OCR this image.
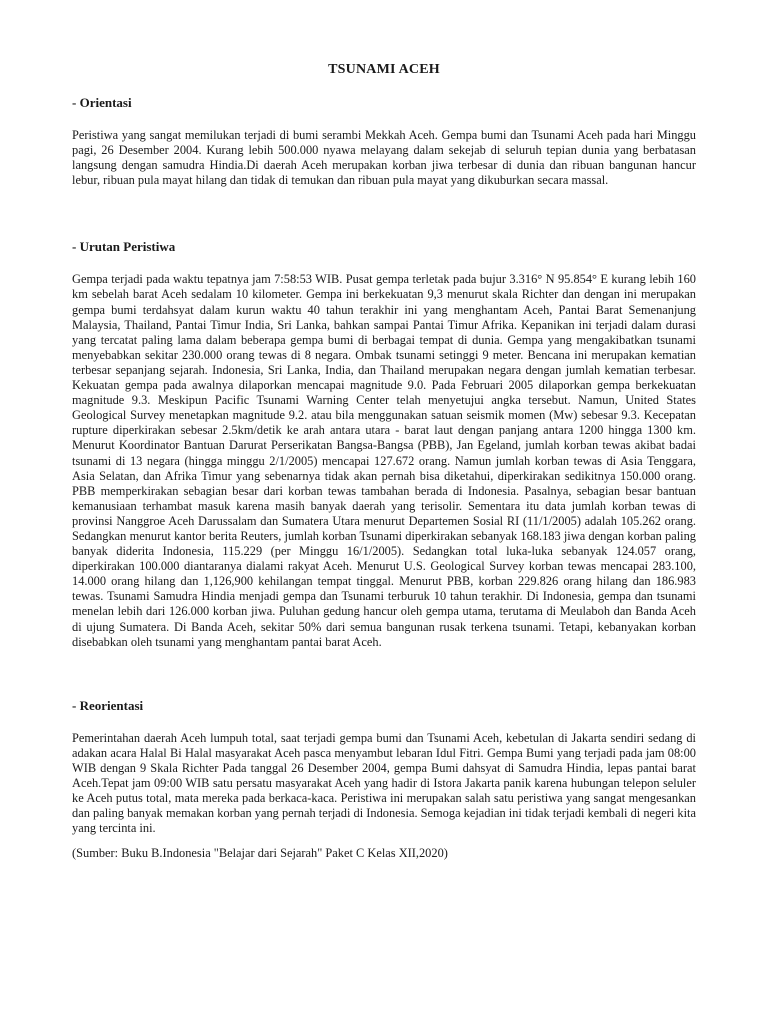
TSUNAMI ACEH
- Orientasi

Peristiwa yang sangat memilukan terjadi di bumi serambi Mekkah Aceh. Gempa bumi dan Tsunami Aceh pada hari Minggu pagi, 26 Desember 2004. Kurang lebih 500.000 nyawa melayang dalam sekejab di seluruh tepian dunia yang berbatasan langsung dengan samudra Hindia.Di daerah Aceh merupakan korban jiwa terbesar di dunia dan ribuan bangunan hancur lebur, ribuan pula mayat hilang dan tidak di temukan dan ribuan pula mayat yang dikuburkan secara massal.

- Urutan Peristiwa

Gempa terjadi pada waktu tepatnya jam 7:58:53 WIB. Pusat gempa terletak pada bujur 3.316° N 95.854° E kurang lebih 160 km sebelah barat Aceh sedalam 10 kilometer. Gempa ini berkekuatan 9,3 menurut skala Richter dan dengan ini merupakan gempa bumi terdahsyat dalam kurun waktu 40 tahun terakhir ini yang menghantam Aceh, Pantai Barat Semenanjung Malaysia, Thailand, Pantai Timur India, Sri Lanka, bahkan sampai Pantai Timur Afrika. Kepanikan ini terjadi dalam durasi yang tercatat paling lama dalam beberapa gempa bumi di berbagai tempat di dunia. Gempa yang mengakibatkan tsunami menyebabkan sekitar 230.000 orang tewas di 8 negara. Ombak tsunami setinggi 9 meter. Bencana ini merupakan kematian terbesar sepanjang sejarah. Indonesia, Sri Lanka, India, dan Thailand merupakan negara dengan jumlah kematian terbesar. Kekuatan gempa pada awalnya dilaporkan mencapai magnitude 9.0. Pada Februari 2005 dilaporkan gempa berkekuatan magnitude 9.3. Meskipun Pacific Tsunami Warning Center telah menyetujui angka tersebut. Namun, United States Geological Survey menetapkan magnitude 9.2. atau bila menggunakan satuan seismik momen (Mw) sebesar 9.3. Kecepatan rupture diperkirakan sebesar 2.5km/detik ke arah antara utara - barat laut dengan panjang antara 1200 hingga 1300 km. Menurut Koordinator Bantuan Darurat Perserikatan Bangsa-Bangsa (PBB), Jan Egeland, jumlah korban tewas akibat badai tsunami di 13 negara (hingga minggu 2/1/2005) mencapai 127.672 orang. Namun jumlah korban tewas di Asia Tenggara, Asia Selatan, dan Afrika Timur yang sebenarnya tidak akan pernah bisa diketahui, diperkirakan sedikitnya 150.000 orang. PBB memperkirakan sebagian besar dari korban tewas tambahan berada di Indonesia. Pasalnya, sebagian besar bantuan kemanusiaan terhambat masuk karena masih banyak daerah yang terisolir. Sementara itu data jumlah korban tewas di provinsi Nanggroe Aceh Darussalam dan Sumatera Utara menurut Departemen Sosial RI (11/1/2005) adalah 105.262 orang. Sedangkan menurut kantor berita Reuters, jumlah korban Tsunami diperkirakan sebanyak 168.183 jiwa dengan korban paling banyak diderita Indonesia, 115.229 (per Minggu 16/1/2005). Sedangkan total luka-luka sebanyak 124.057 orang, diperkirakan 100.000 diantaranya dialami rakyat Aceh. Menurut U.S. Geological Survey korban tewas mencapai 283.100, 14.000 orang hilang dan 1,126,900 kehilangan tempat tinggal. Menurut PBB, korban 229.826 orang hilang dan 186.983 tewas. Tsunami Samudra Hindia menjadi gempa dan Tsunami terburuk 10 tahun terakhir. Di Indonesia, gempa dan tsunami menelan lebih dari 126.000 korban jiwa. Puluhan gedung hancur oleh gempa utama, terutama di Meulaboh dan Banda Aceh di ujung Sumatera. Di Banda Aceh, sekitar 50% dari semua bangunan rusak terkena tsunami. Tetapi, kebanyakan korban disebabkan oleh tsunami yang menghantam pantai barat Aceh.

- Reorientasi

Pemerintahan daerah Aceh lumpuh total, saat terjadi gempa bumi dan Tsunami Aceh, kebetulan di Jakarta sendiri sedang di adakan acara Halal Bi Halal masyarakat Aceh pasca menyambut lebaran Idul Fitri. Gempa Bumi yang terjadi pada jam 08:00 WIB dengan 9 Skala Richter Pada tanggal 26 Desember 2004, gempa Bumi dahsyat di Samudra Hindia, lepas pantai barat Aceh.Tepat jam 09:00 WIB satu persatu masyarakat Aceh yang hadir di Istora Jakarta panik karena hubungan telepon seluler ke Aceh putus total, mata mereka pada berkaca-kaca. Peristiwa ini merupakan salah satu peristiwa yang sangat mengesankan dan paling banyak memakan korban yang pernah terjadi di Indonesia. Semoga kejadian ini tidak terjadi kembali di negeri kita yang tercinta ini.

(Sumber: Buku B.Indonesia "Belajar dari Sejarah" Paket C Kelas XII,2020)
